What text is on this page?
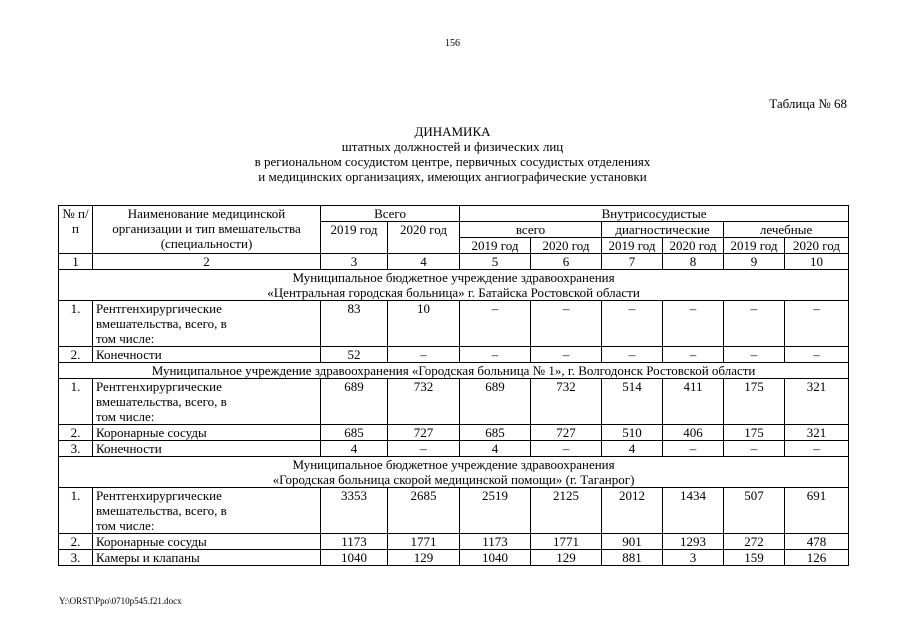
156
Таблица № 68
ДИНАМИКА
штатных должностей и физических лиц
в региональном сосудистом центре, первичных сосудистых отделениях
и медицинских организациях, имеющих ангиографические установки
№ п/п	Наименование медицинской организации и тип вмешательства (специальности)	Всего		Внутрисосудистые					
		2019 год	2020 год	всего		диагностические		лечебные	
				2019 год	2020 год	2019 год	2020 год	2019 год	2020 год
1	2	3	4	5	6	7	8	9	10

Муниципальное бюджетное учреждение здравоохранения
«Центральная городская больница» г. Батайска Ростовской области									

1.	Рентгенхирургические вмешательства, всего, в том числе:	83	10	–	–	–	–	–	–
2.	Конечности	52	–	–	–	–	–	–	–

Муниципальное учреждение здравоохранения «Городская больница № 1», г. Волгодонск Ростовской области									

1.	Рентгенхирургические вмешательства, всего, в том числе:	689	732	689	732	514	411	175	321
2.	Коронарные сосуды	685	727	685	727	510	406	175	321
3.	Конечности	4	–	4	–	4	–	–	–

Муниципальное бюджетное учреждение здравоохранения
«Городская больница скорой медицинской помощи» (г. Таганрог)									

1.	Рентгенхирургические вмешательства, всего, в том числе:	3353	2685	2519	2125	2012	1434	507	691
2.	Коронарные сосуды	1173	1771	1173	1771	901	1293	272	478
3.	Камеры и клапаны	1040	129	1040	129	881	3	159	126
Y:\ORST\Ppo\0710p545.f21.docx
